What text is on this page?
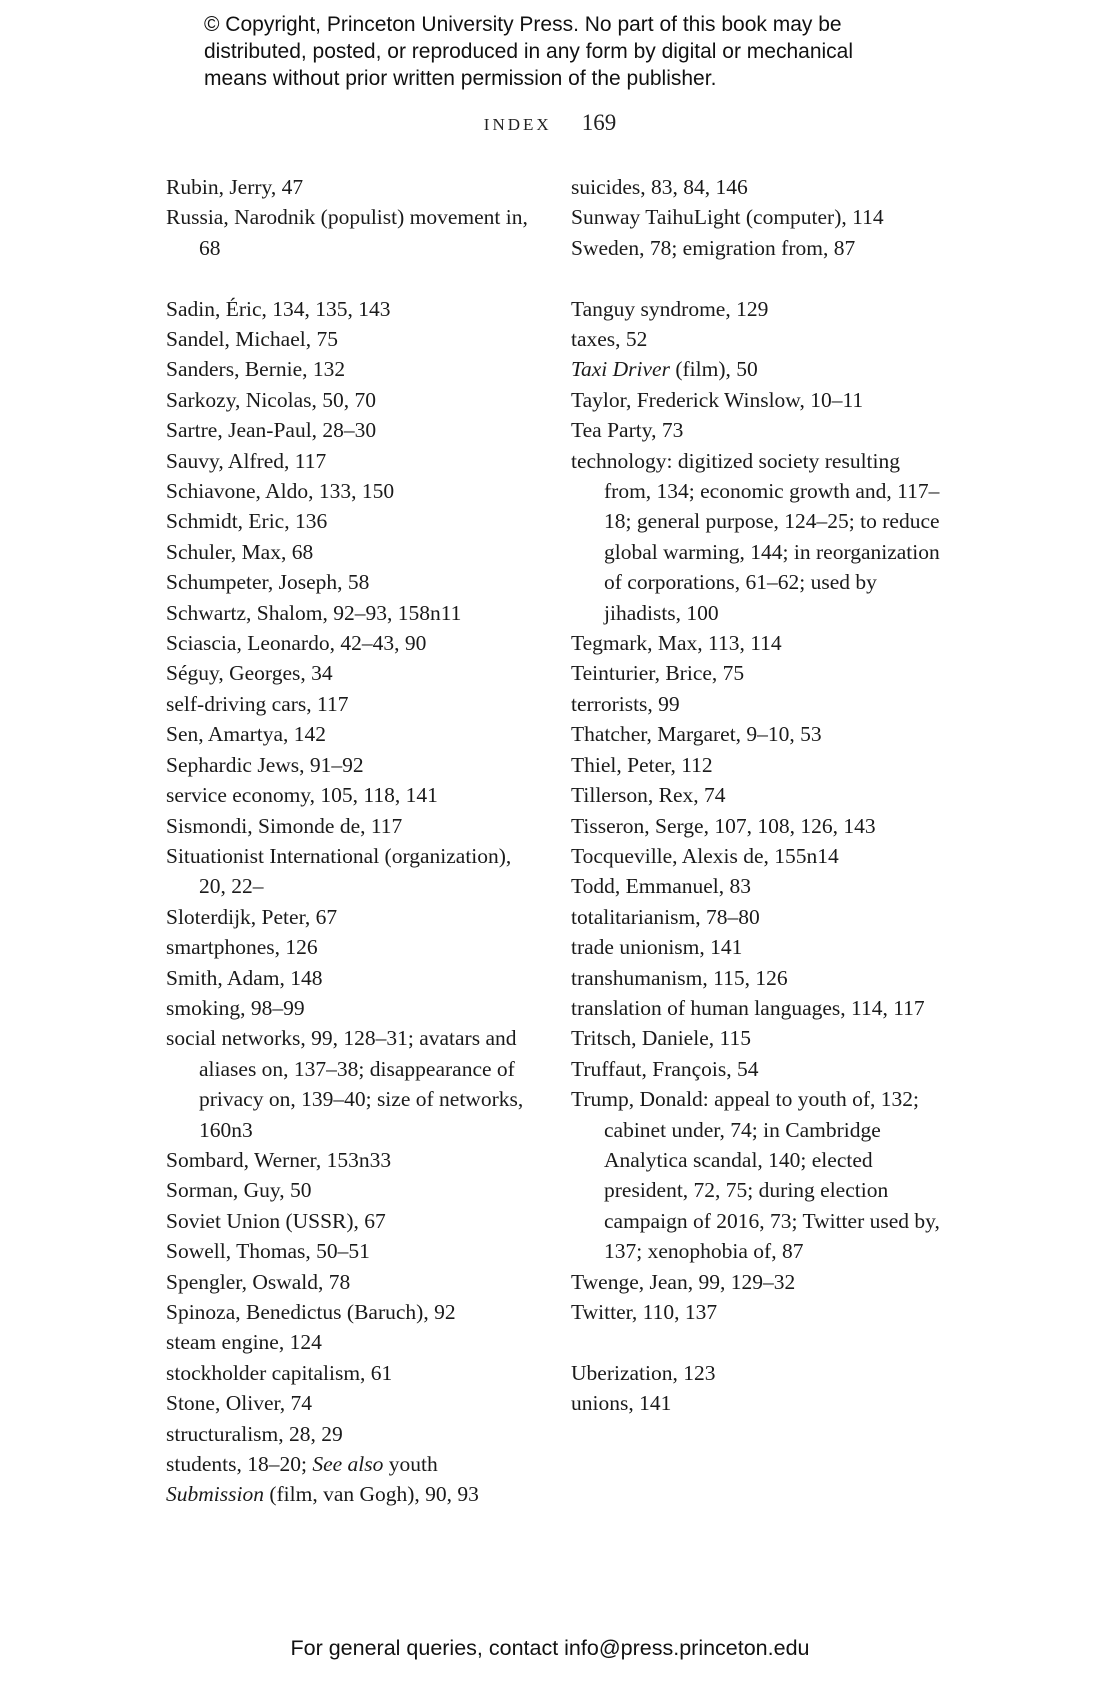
© Copyright, Princeton University Press. No part of this book may be
distributed, posted, or reproduced in any form by digital or mechanical
means without prior written permission of the publisher.
INDEX 169

Rubin, Jerry, 47

Russia, Narodnik (populist) movement in, 68

Sadin, Éric, 134, 135, 143

Sandel, Michael, 75

Sanders, Bernie, 132

Sarkozy, Nicolas, 50, 70

Sartre, Jean-Paul, 28–30

Sauvy, Alfred, 117

Schiavone, Aldo, 133, 150

Schmidt, Eric, 136

Schuler, Max, 68

Schumpeter, Joseph, 58

Schwartz, Shalom, 92–93, 158n11

Sciascia, Leonardo, 42–43, 90

Séguy, Georges, 34

self-driving cars, 117

Sen, Amartya, 142

Sephardic Jews, 91–92

service economy, 105, 118, 141

Sismondi, Simonde de, 117

Situationist International (organization), 20, 22–

Sloterdijk, Peter, 67

smartphones, 126

Smith, Adam, 148

smoking, 98–99

social networks, 99, 128–31; avatars and aliases on, 137–38; disappearance of privacy on, 139–40; size of networks, 160n3

Sombard, Werner, 153n33

Sorman, Guy, 50

Soviet Union (USSR), 67

Sowell, Thomas, 50–51

Spengler, Oswald, 78

Spinoza, Benedictus (Baruch), 92

steam engine, 124

stockholder capitalism, 61

Stone, Oliver, 74

structuralism, 28, 29

students, 18–20; See also youth

Submission (film, van Gogh), 90, 93

suicides, 83, 84, 146

Sunway TaihuLight (computer), 114

Sweden, 78; emigration from, 87

Tanguy syndrome, 129

taxes, 52

Taxi Driver (film), 50

Taylor, Frederick Winslow, 10–11

Tea Party, 73

technology: digitized society resulting from, 134; economic growth and, 117–18; general purpose, 124–25; to reduce global warming, 144; in reorganization of corporations, 61–62; used by jihadists, 100

Tegmark, Max, 113, 114

Teinturier, Brice, 75

terrorists, 99

Thatcher, Margaret, 9–10, 53

Thiel, Peter, 112

Tillerson, Rex, 74

Tisseron, Serge, 107, 108, 126, 143

Tocqueville, Alexis de, 155n14

Todd, Emmanuel, 83

totalitarianism, 78–80

trade unionism, 141

transhumanism, 115, 126

translation of human languages, 114, 117

Tritsch, Daniele, 115

Truffaut, François, 54

Trump, Donald: appeal to youth of, 132; cabinet under, 74; in Cambridge Analytica scandal, 140; elected president, 72, 75; during election campaign of 2016, 73; Twitter used by, 137; xenophobia of, 87

Twenge, Jean, 99, 129–32

Twitter, 110, 137

Uberization, 123

unions, 141

For general queries, contact info@press.princeton.edu
